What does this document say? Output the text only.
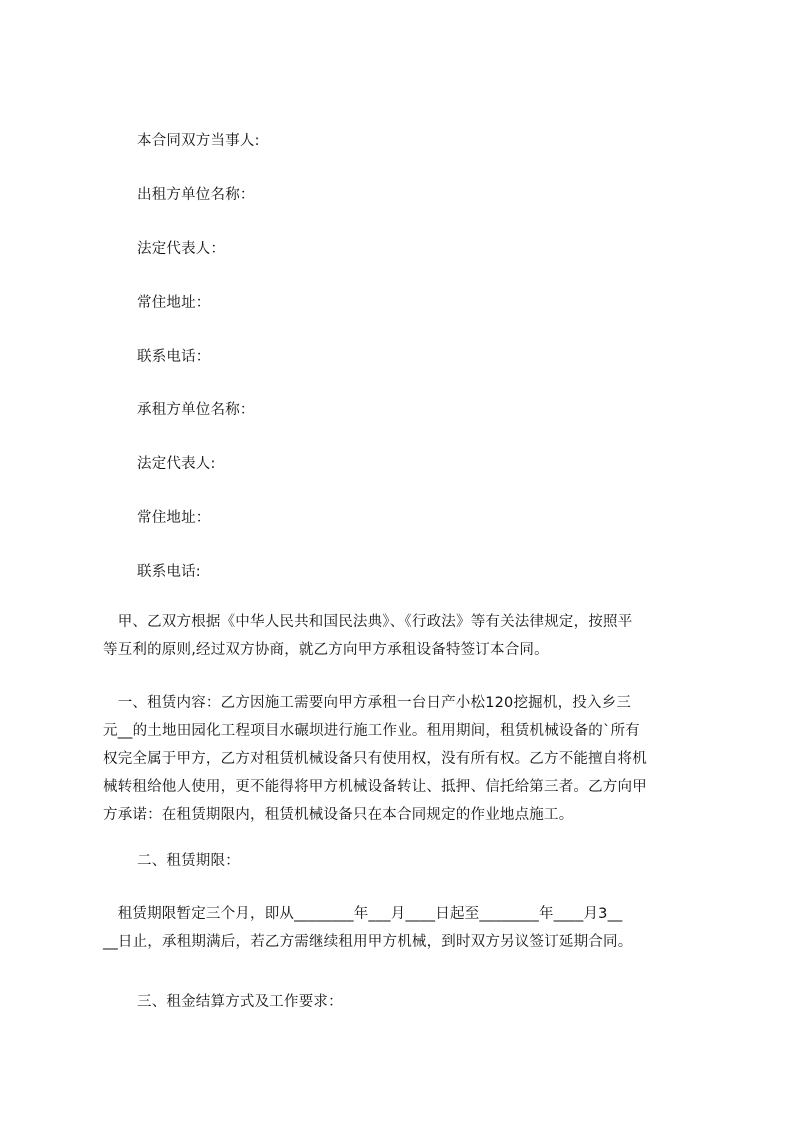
本合同双方当事人:
出租方单位名称：
法定代表人：
常住地址：
联系电话：
承租方单位名称：
法定代表人:
常住地址：
联系电话:
　甲、乙双方根据《中华人民共和国民法典》、《行政法》等有关法律规定，按照平
等互利的原则,经过双方协商，就乙方向甲方承租设备特签订本合同。
　一、租赁内容：乙方因施工需要向甲方承租一台日产小松120挖掘机，投入乡三
元__的土地田园化工程项目水碾坝进行施工作业。租用期间，租赁机械设备的`所有
权完全属于甲方，乙方对租赁机械设备只有使用权，没有所有权。乙方不能擅自将机
械转租给他人使用，更不能得将甲方机械设备转让、抵押、信托给第三者。乙方向甲
方承诺：在租赁期限内，租赁机械设备只在本合同规定的作业地点施工。
二、租赁期限：
　租赁期限暂定三个月，即从________年___月____日起至________年____月3__
__日止，承租期满后，若乙方需继续租用甲方机械，到时双方另议签订延期合同。
三、租金结算方式及工作要求：
